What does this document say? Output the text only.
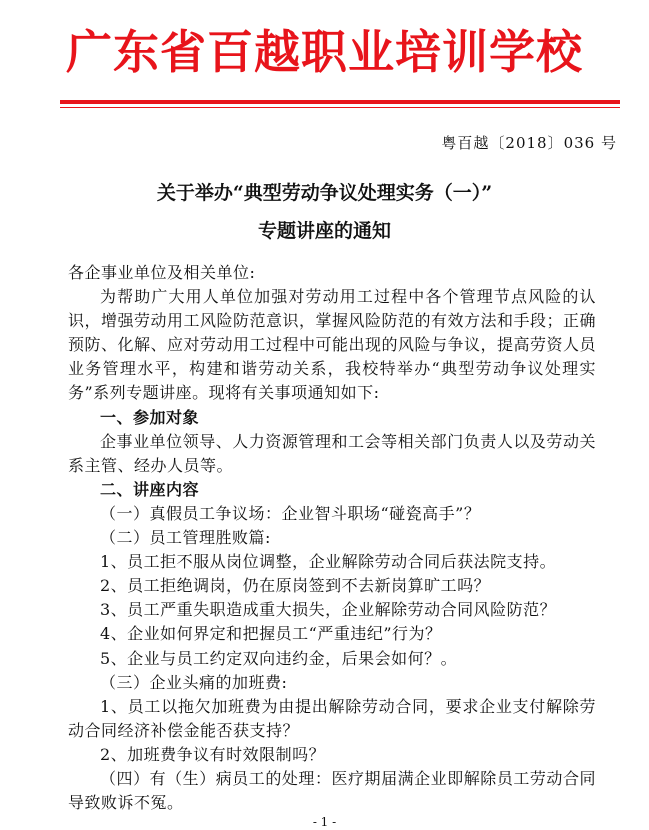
广东省百越职业培训学校
粤百越〔2018〕036 号
关于举办“典型劳动争议处理实务（一）”
专题讲座的通知

各企事业单位及相关单位:

为帮助广大用人单位加强对劳动用工过程中各个管理节点风险的认识，增强劳动用工风险防范意识，掌握风险防范的有效方法和手段；正确预防、化解、应对劳动用工过程中可能出现的风险与争议，提高劳资人员业务管理水平，构建和谐劳动关系，我校特举办“典型劳动争议处理实务”系列专题讲座。现将有关事项通知如下:

一、参加对象

企事业单位领导、人力资源管理和工会等相关部门负责人以及劳动关系主管、经办人员等。

二、讲座内容

（一）真假员工争议场：企业智斗职场“碰瓷高手”？

（二）员工管理胜败篇:

1、员工拒不服从岗位调整，企业解除劳动合同后获法院支持。

2、员工拒绝调岗，仍在原岗签到不去新岗算旷工吗？

3、员工严重失职造成重大损失，企业解除劳动合同风险防范？

4、企业如何界定和把握员工“严重违纪”行为？

5、企业与员工约定双向违约金，后果会如何？。

（三）企业头痛的加班费:

1、员工以拖欠加班费为由提出解除劳动合同，要求企业支付解除劳动合同经济补偿金能否获支持？

2、加班费争议有时效限制吗？

（四）有（生）病员工的处理：医疗期届满企业即解除员工劳动合同导致败诉不冤。

- 1 -
